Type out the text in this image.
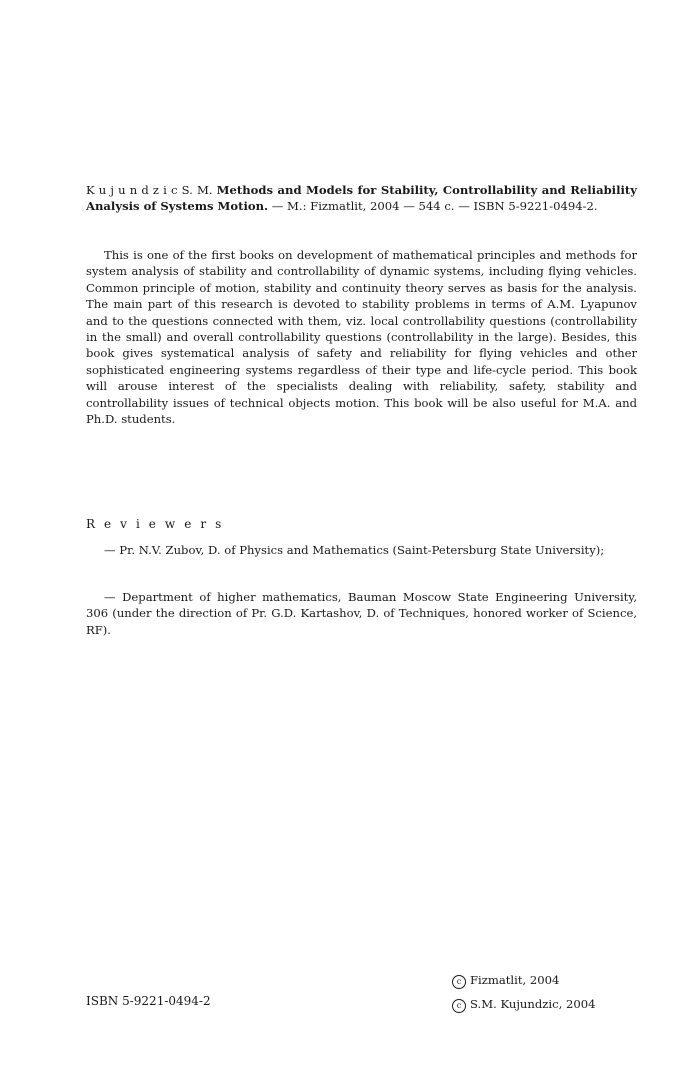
K u j u n d z i c S. M. Methods and Models for Stability, Controllability and Reliability Analysis of Systems Motion. — M.: Fizmatlit, 2004 — 544 c. — ISBN 5-9221-0494-2.
This is one of the first books on development of mathematical principles and methods for system analysis of stability and controllability of dynamic systems, including flying vehicles. Common principle of motion, stability and continuity theory serves as basis for the analysis. The main part of this research is devoted to stability problems in terms of A.M. Lyapunov and to the questions connected with them, viz. local controllability questions (controllability in the small) and overall controllability questions (controllability in the large). Besides, this book gives systematical analysis of safety and reliability for flying vehicles and other sophisticated engineering systems regardless of their type and life-cycle period. This book will arouse interest of the specialists dealing with reliability, safety, stability and controllability issues of technical objects motion. This book will be also useful for M.A. and Ph.D. students.
R e v i e w e r s
— Pr. N.V. Zubov, D. of Physics and Mathematics (Saint-Petersburg State University);
— Department of higher mathematics, Bauman Moscow State Engineering University, 306 (under the direction of Pr. G.D. Kartashov, D. of Techniques, honored worker of Science, RF).
ISBN 5-9221-0494-2
c Fizmatlit, 2004
c S.M. Kujundzic, 2004
